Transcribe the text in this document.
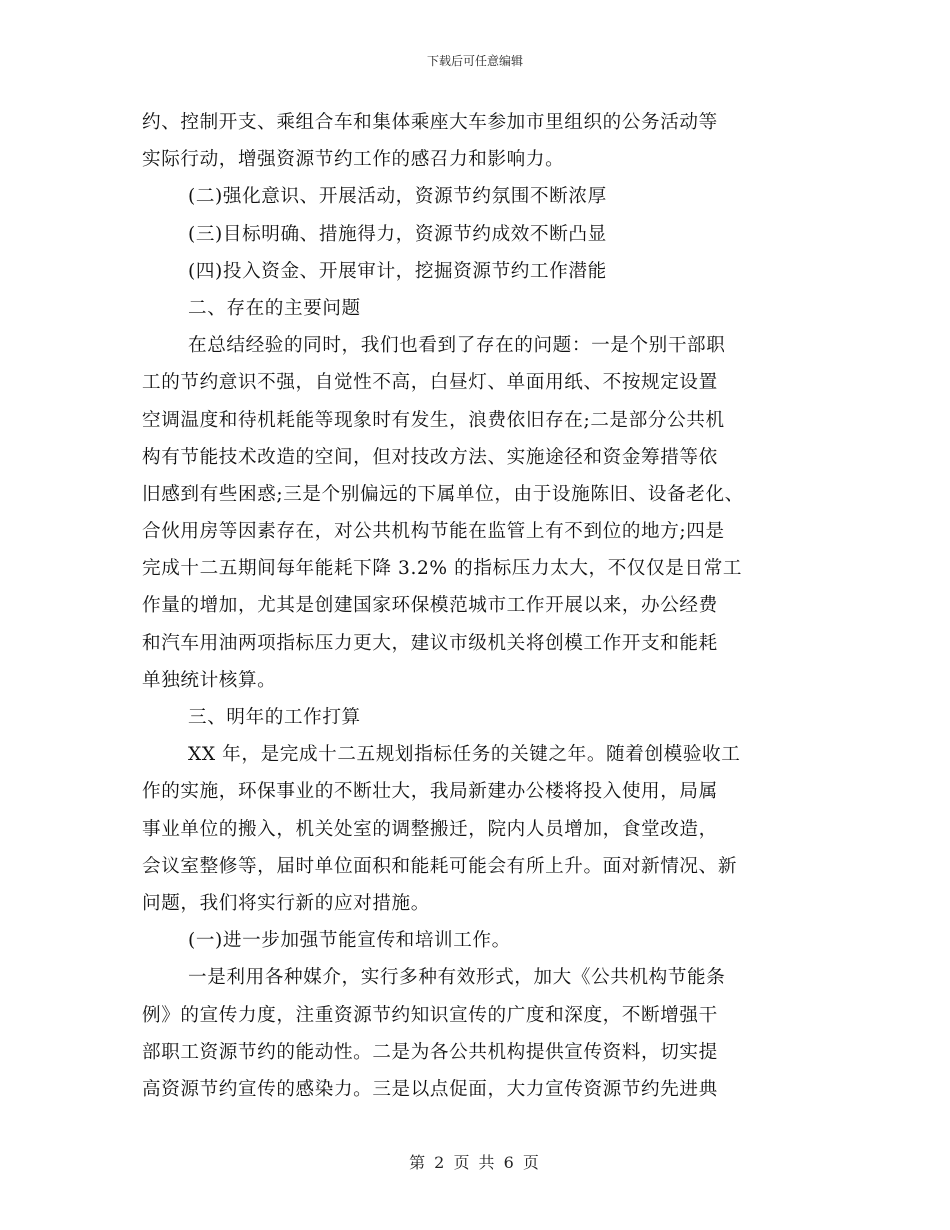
下载后可任意编辑
约、控制开支、乘组合车和集体乘座大车参加市里组织的公务活动等
实际行动，增强资源节约工作的感召力和影响力。
(二)强化意识、开展活动，资源节约氛围不断浓厚
(三)目标明确、措施得力，资源节约成效不断凸显
(四)投入资金、开展审计，挖掘资源节约工作潜能
二、存在的主要问题
在总结经验的同时，我们也看到了存在的问题：一是个别干部职
工的节约意识不强，自觉性不高，白昼灯、单面用纸、不按规定设置
空调温度和待机耗能等现象时有发生，浪费依旧存在;二是部分公共机
构有节能技术改造的空间，但对技改方法、实施途径和资金筹措等依
旧感到有些困惑;三是个别偏远的下属单位，由于设施陈旧、设备老化、
合伙用房等因素存在，对公共机构节能在监管上有不到位的地方;四是
完成十二五期间每年能耗下降 3.2% 的指标压力太大，不仅仅是日常工
作量的增加，尤其是创建国家环保模范城市工作开展以来，办公经费
和汽车用油两项指标压力更大，建议市级机关将创模工作开支和能耗
单独统计核算。
三、明年的工作打算
XX 年，是完成十二五规划指标任务的关键之年。随着创模验收工
作的实施，环保事业的不断壮大，我局新建办公楼将投入使用，局属
事业单位的搬入，机关处室的调整搬迁，院内人员增加，食堂改造，
会议室整修等，届时单位面积和能耗可能会有所上升。面对新情况、新
问题，我们将实行新的应对措施。
(一)进一步加强节能宣传和培训工作。
一是利用各种媒介，实行多种有效形式，加大《公共机构节能条
例》的宣传力度，注重资源节约知识宣传的广度和深度，不断增强干
部职工资源节约的能动性。二是为各公共机构提供宣传资料，切实提
高资源节约宣传的感染力。三是以点促面，大力宣传资源节约先进典
第 2 页 共 6 页
